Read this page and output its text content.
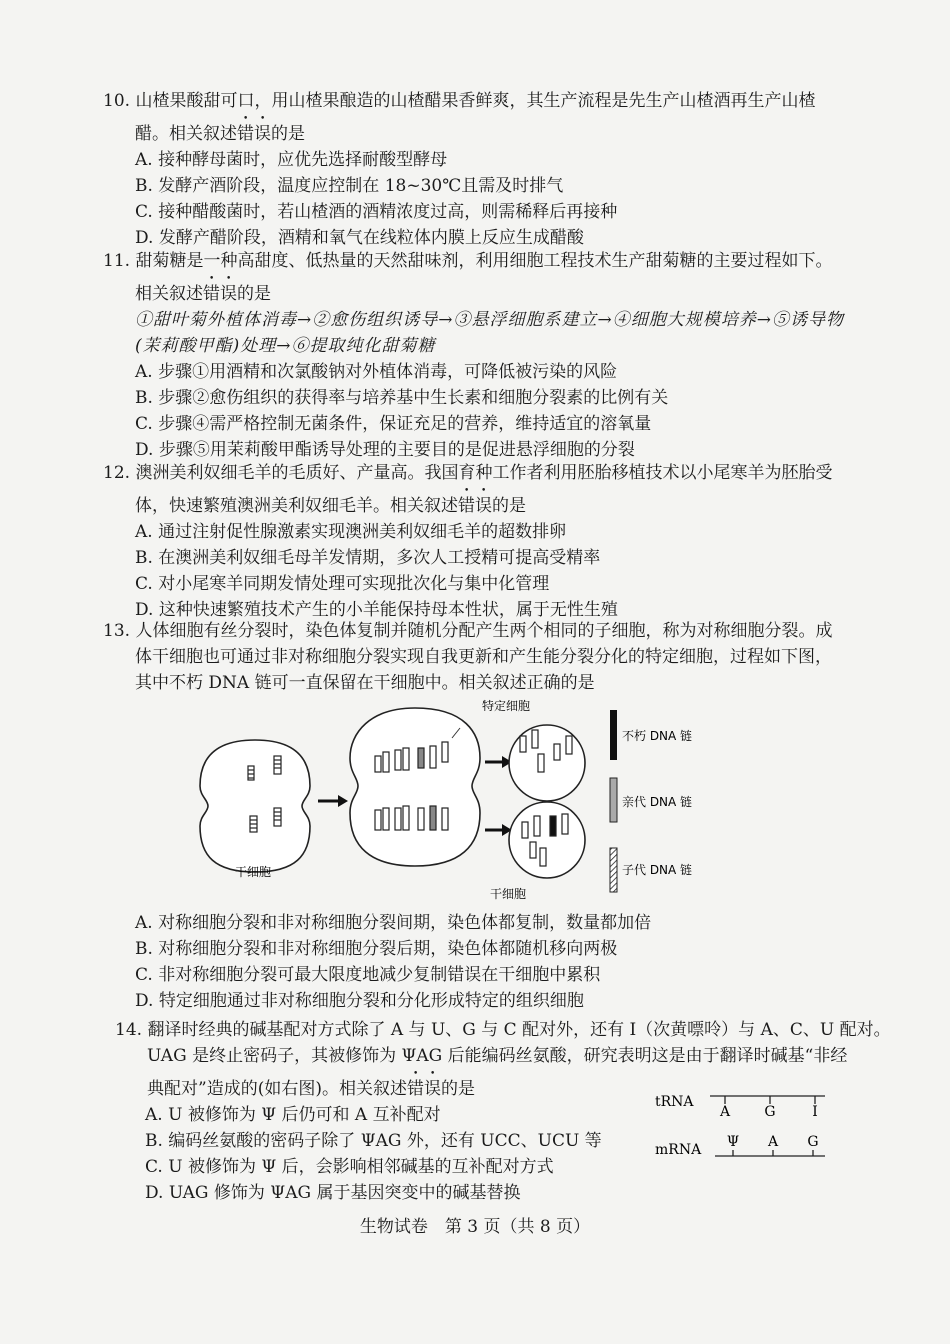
10. 山楂果酸甜可口，用山楂果酿造的山楂醋果香鲜爽，其生产流程是先生产山楂酒再生产山楂

醋。相关叙述错误的是

A. 接种酵母菌时，应优先选择耐酸型酵母

B. 发酵产酒阶段，温度应控制在 18~30℃且需及时排气

C. 接种醋酸菌时，若山楂酒的酒精浓度过高，则需稀释后再接种

D. 发酵产醋阶段，酒精和氧气在线粒体内膜上反应生成醋酸

11. 甜菊糖是一种高甜度、低热量的天然甜味剂，利用细胞工程技术生产甜菊糖的主要过程如下。

相关叙述错误的是

①甜叶菊外植体消毒→②愈伤组织诱导→③悬浮细胞系建立→④细胞大规模培养→⑤诱导物

(茉莉酸甲酯)处理→⑥提取纯化甜菊糖

A. 步骤①用酒精和次氯酸钠对外植体消毒，可降低被污染的风险

B. 步骤②愈伤组织的获得率与培养基中生长素和细胞分裂素的比例有关

C. 步骤④需严格控制无菌条件，保证充足的营养，维持适宜的溶氧量

D. 步骤⑤用茉莉酸甲酯诱导处理的主要目的是促进悬浮细胞的分裂

12. 澳洲美利奴细毛羊的毛质好、产量高。我国育种工作者利用胚胎移植技术以小尾寒羊为胚胎受

体，快速繁殖澳洲美利奴细毛羊。相关叙述错误的是

A. 通过注射促性腺激素实现澳洲美利奴细毛羊的超数排卵

B. 在澳洲美利奴细毛母羊发情期，多次人工授精可提高受精率

C. 对小尾寒羊同期发情处理可实现批次化与集中化管理

D. 这种快速繁殖技术产生的小羊能保持母本性状，属于无性生殖

13. 人体细胞有丝分裂时，染色体复制并随机分配产生两个相同的子细胞，称为对称细胞分裂。成

体干细胞也可通过非对称细胞分裂实现自我更新和产生能分裂分化的特定细胞，过程如下图，

其中不朽 DNA 链可一直保留在干细胞中。相关叙述正确的是

干细胞
特定细胞
干细胞
不朽 DNA 链
亲代 DNA 链
子代 DNA 链

A. 对称细胞分裂和非对称细胞分裂间期，染色体都复制，数量都加倍

B. 对称细胞分裂和非对称细胞分裂后期，染色体都随机移向两极

C. 非对称细胞分裂可最大限度地减少复制错误在干细胞中累积

D. 特定细胞通过非对称细胞分裂和分化形成特定的组织细胞

14. 翻译时经典的碱基配对方式除了 A 与 U、G 与 C 配对外，还有 I（次黄嘌呤）与 A、C、U 配对。

UAG 是终止密码子，其被修饰为 ΨAG 后能编码丝氨酸，研究表明这是由于翻译时碱基“非经

典配对”造成的(如右图)。相关叙述错误的是

A. U 被修饰为 Ψ 后仍可和 A 互补配对

B. 编码丝氨酸的密码子除了 ΨAG 外，还有 UCC、UCU 等

C. U 被修饰为 Ψ 后，会影响相邻碱基的互补配对方式

D. UAG 修饰为 ΨAG 属于基因突变中的碱基替换

tRNA
A G	I
mRNA Ψ A G
生物试卷　第 3 页（共 8 页）
